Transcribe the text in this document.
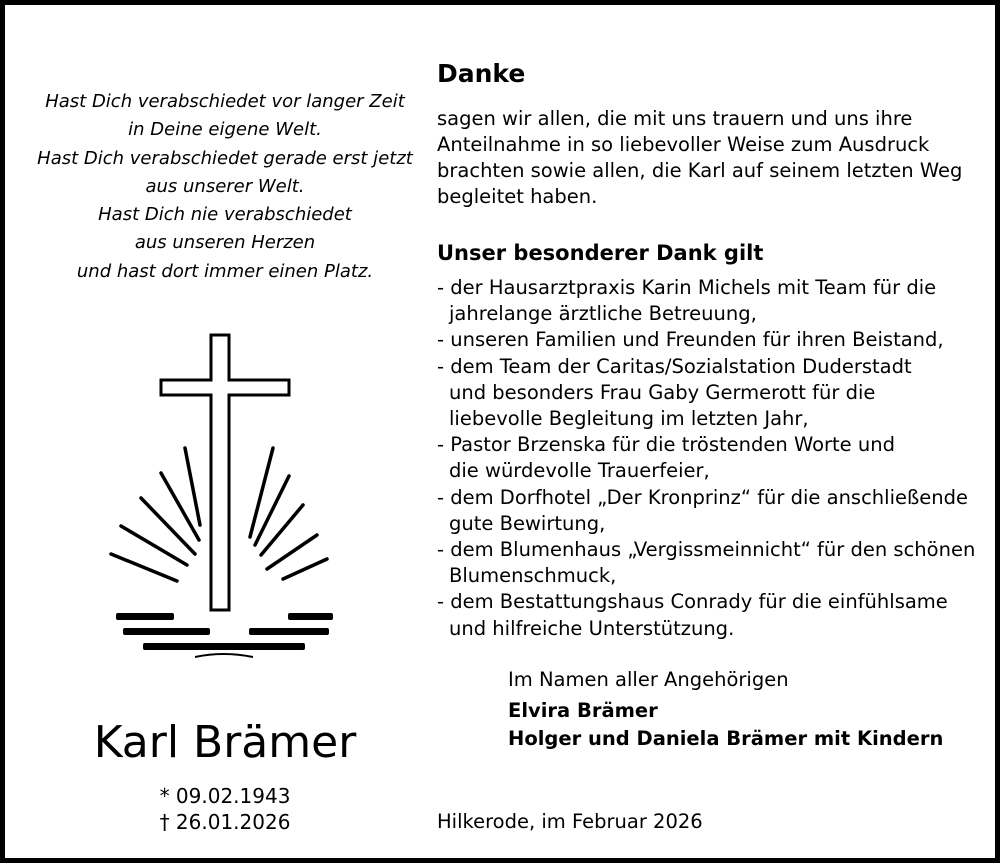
Hast Dich verabschiedet vor langer Zeit
in Deine eigene Welt.
Hast Dich verabschiedet gerade erst jetzt
aus unserer Welt.
Hast Dich nie verabschiedet
aus unseren Herzen
und hast dort immer einen Platz.
Karl Brämer
* 09.02.1943
† 26.01.2026
Danke
sagen wir allen, die mit uns trauern und uns ihre
Anteilnahme in so liebevoller Weise zum Ausdruck
brachten sowie allen, die Karl auf seinem letzten Weg
begleitet haben.
Unser besonderer Dank gilt
- der Hausarztpraxis Karin Michels mit Team für die
jahrelange ärztliche Betreuung,
- unseren Familien und Freunden für ihren Beistand,
- dem Team der Caritas/Sozialstation Duderstadt
und besonders Frau Gaby Germerott für die
liebevolle Begleitung im letzten Jahr,
- Pastor Brzenska für die tröstenden Worte und
die würdevolle Trauerfeier,
- dem Dorfhotel „Der Kronprinz“ für die anschließende
gute Bewirtung,
- dem Blumenhaus „Vergissmeinnicht“ für den schönen
Blumenschmuck,
- dem Bestattungshaus Conrady für die einfühlsame
und hilfreiche Unterstützung.
Im Namen aller Angehörigen
Elvira Brämer
Holger und Daniela Brämer mit Kindern
Hilkerode, im Februar 2026
